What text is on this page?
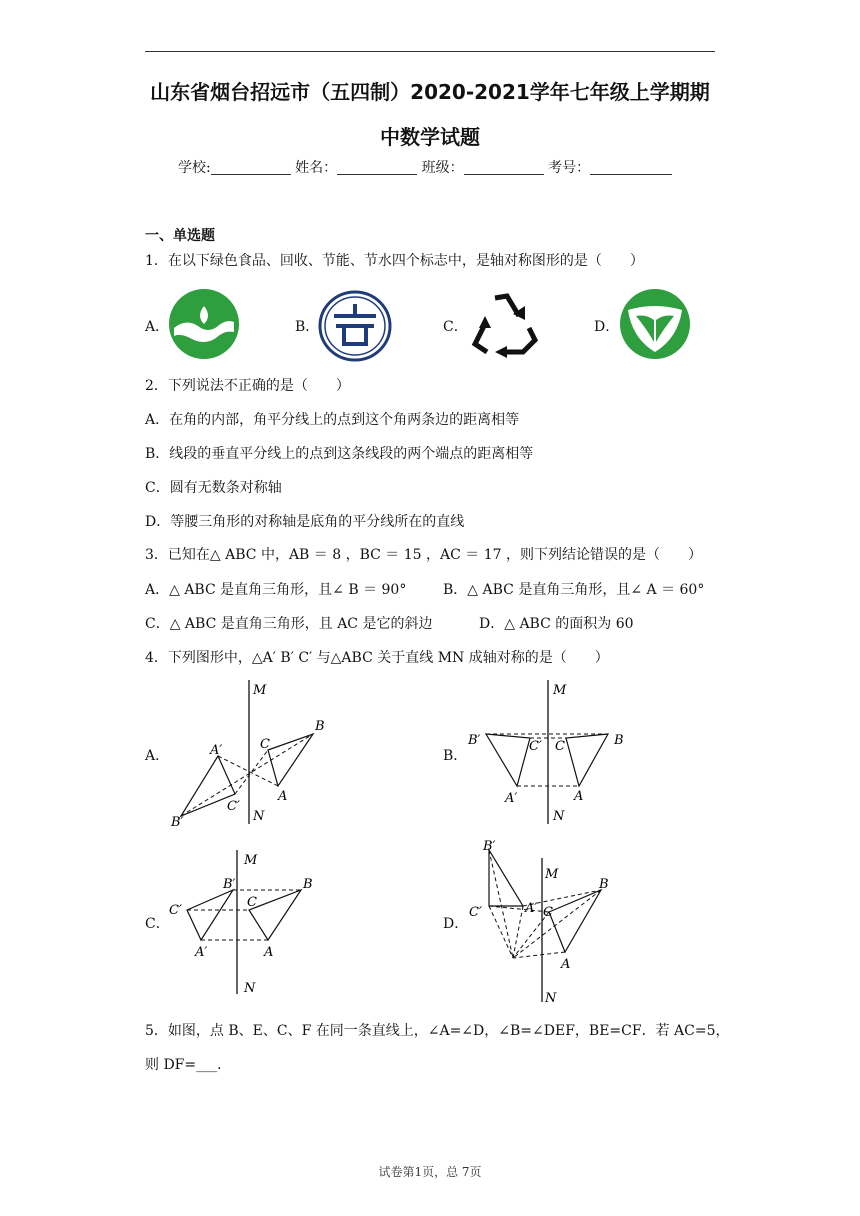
山东省烟台招远市（五四制）2020-2021学年七年级上学期期
中数学试题
学校:	姓名：	班级：	考号：
一、单选题
1．在以下绿色食品、回收、节能、节水四个标志中，是轴对称图形的是（　　）
A．	B．	C．	D．
2．下列说法不正确的是（　　）
A．在角的内部，角平分线上的点到这个角两条边的距离相等
B．线段的垂直平分线上的点到这条线段的两个端点的距离相等
C．圆有无数条对称轴
D．等腰三角形的对称轴是底角的平分线所在的直线
3．已知在△ ABC 中，AB ＝ 8 ，BC ＝ 15 ，AC ＝ 17 ，则下列结论错误的是（　　）
A．△ ABC 是直角三角形，且∠ B ＝ 90°	B．△ ABC 是直角三角形，且∠ A ＝ 60°
C．△ ABC 是直角三角形，且 AC 是它的斜边	D．△ ABC 的面积为 60
4．下列图形中，△A′ B′ C′ 与△ABC 关于直线 MN 成轴对称的是（　　）
A．	B．
C．	D．
M
N
A′
B′
C′
C
B
A
M
N
B′	C′
A′
C	B
A
M
N
C′
B′
A′
C
B
A
M
N
B′
C′	A′ C
B
A
5．如图，点 B、E、C、F 在同一条直线上，∠A=∠D，∠B=∠DEF，BE=CF．若 AC=5，
则 DF=___．
试卷第1页，总 7页
